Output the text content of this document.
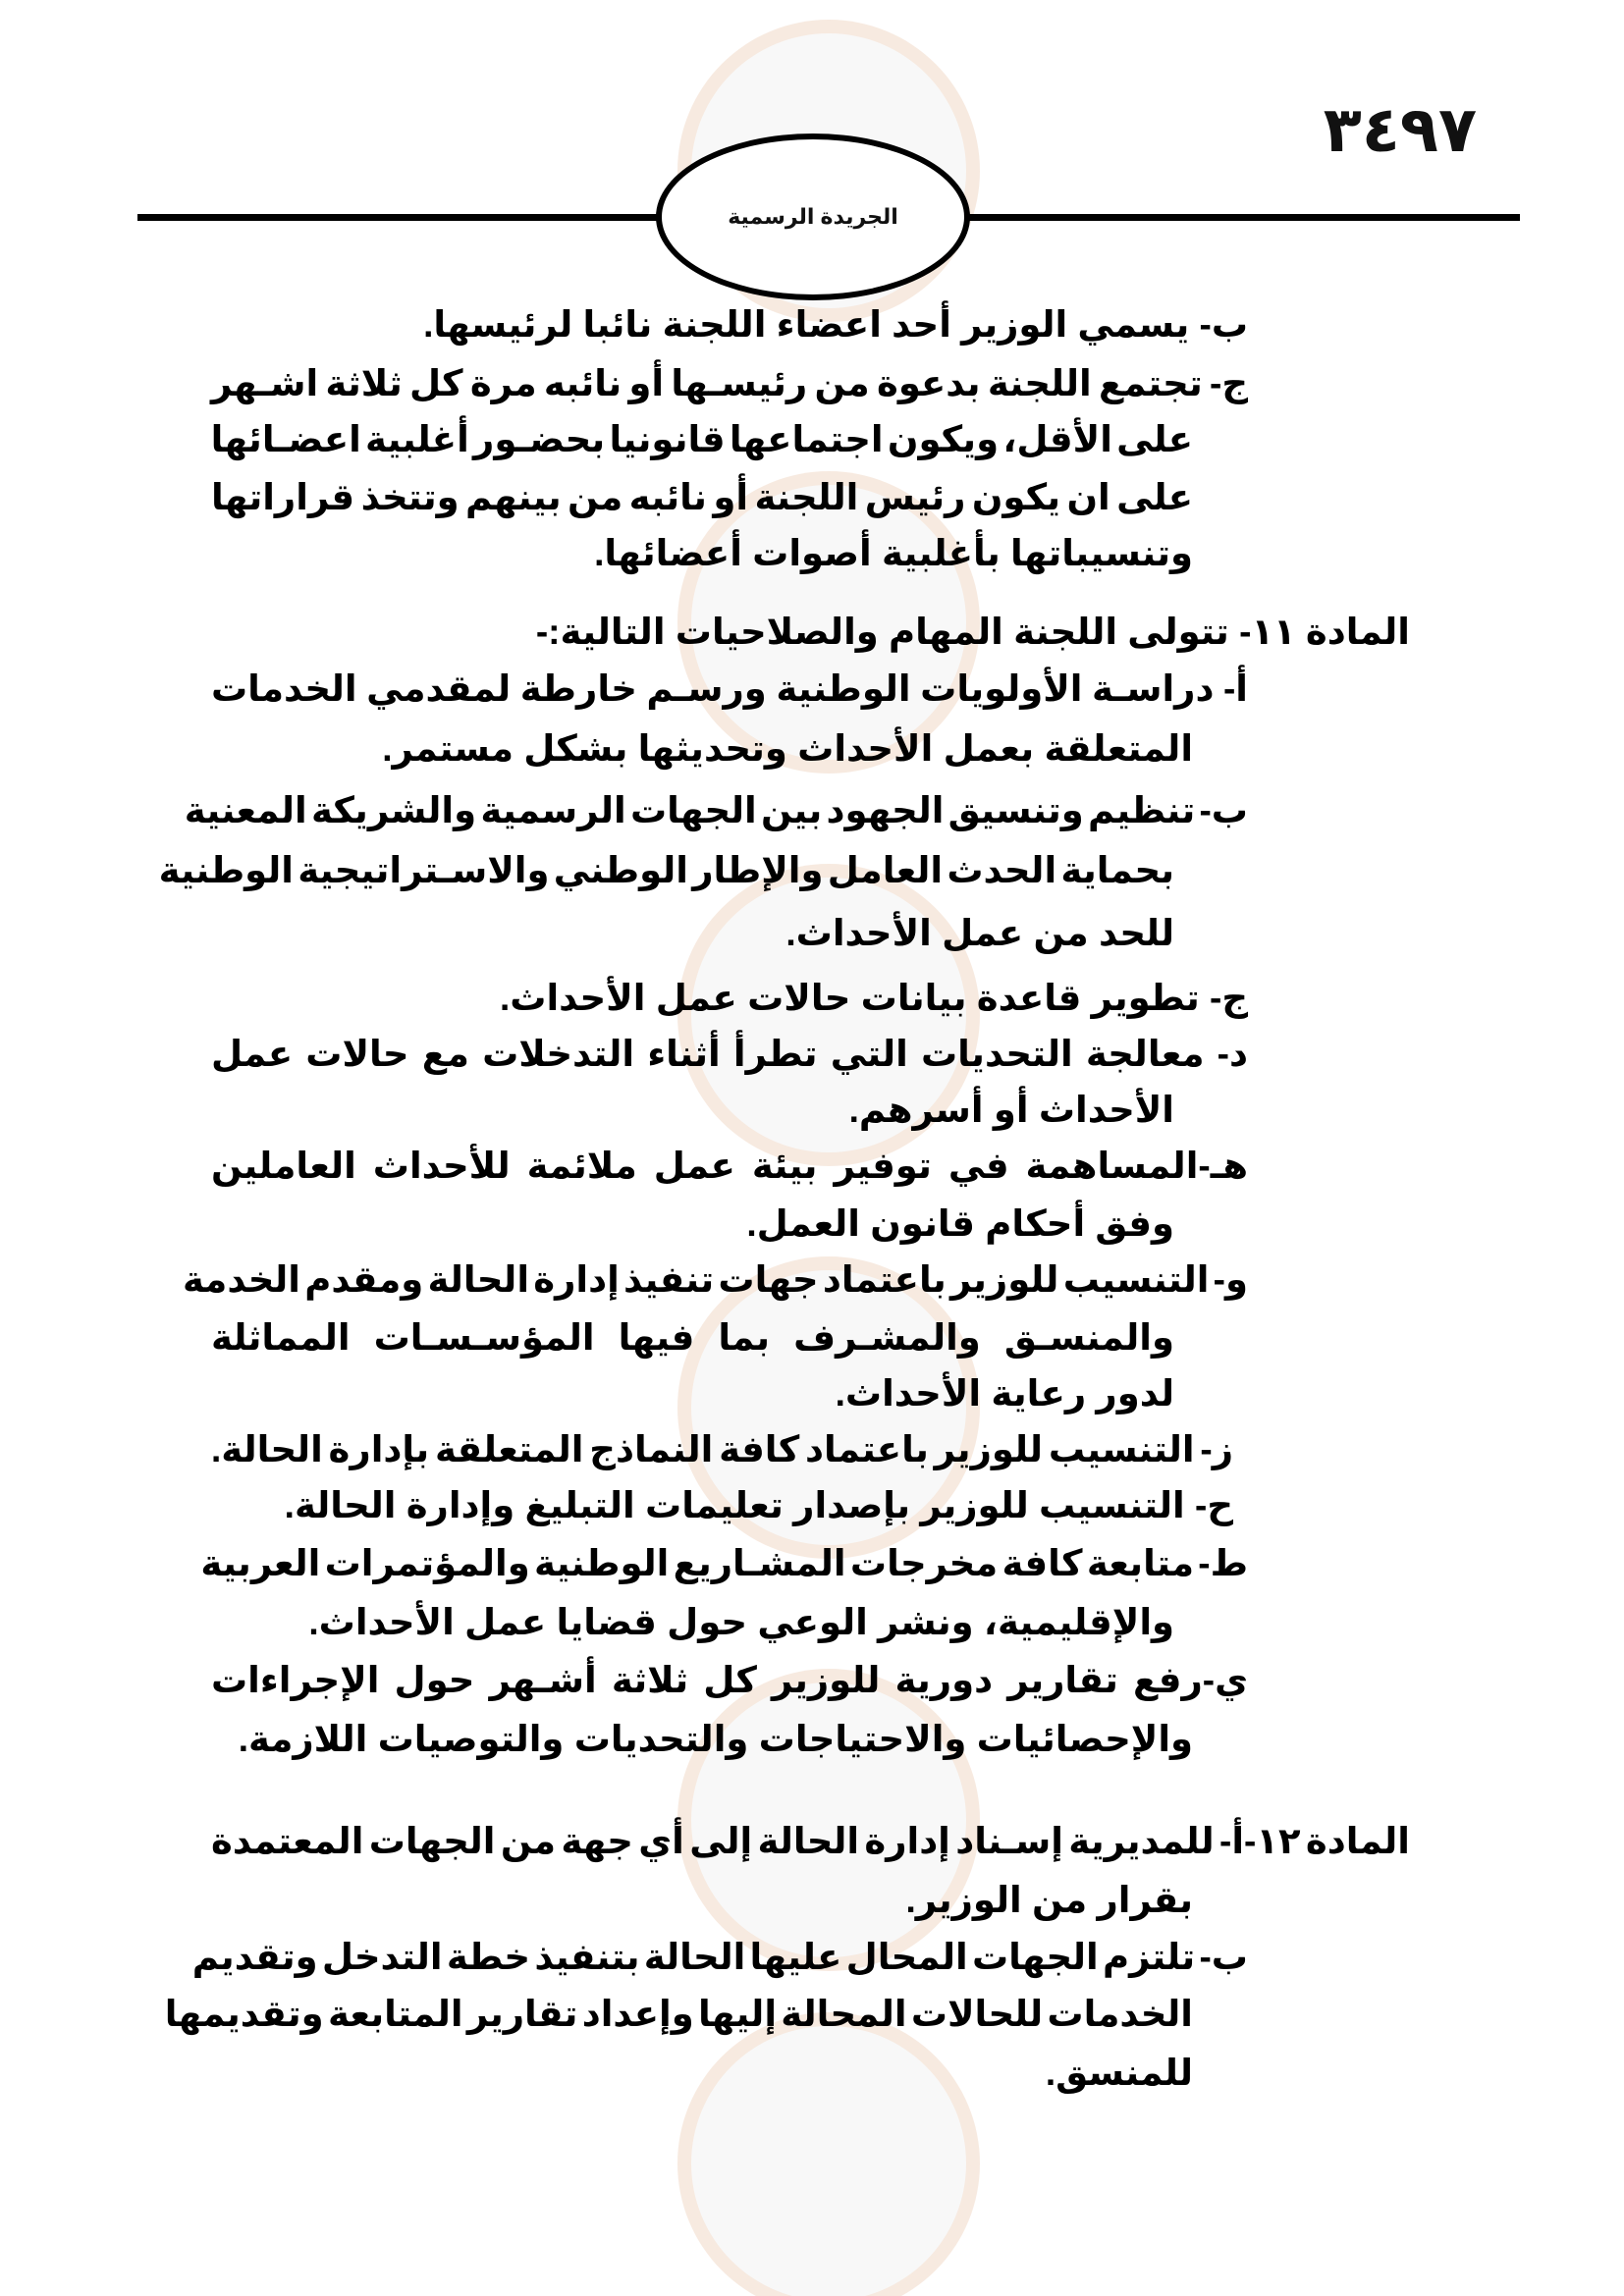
٣٤٩٧
الجريدة الرسمية
ب- يسمي الوزير أحد اعضاء اللجنة نائبا لرئيسها.
ج- تجتمع اللجنة بدعوة من رئيسـها أو نائبه مرة كل ثلاثة اشـهر
على الأقل، ويكون اجتماعها قانونيا بحضـور أغلبية اعضـائها
على ان يكون رئيس اللجنة أو نائبه من بينهم وتتخذ قراراتها
وتنسيباتها بأغلبية أصوات أعضائها.
المادة ١١- تتولى اللجنة المهام والصلاحيات التالية:-
أ- دراسـة الأولويات الوطنية ورسـم خارطة لمقدمي الخدمات
المتعلقة بعمل الأحداث وتحديثها بشكل مستمر.
ب- تنظيم وتنسيق الجهود بين الجهات الرسمية والشريكة المعنية
بحماية الحدث العامل والإطار الوطني والاسـتراتيجية الوطنية
للحد من عمل الأحداث.
ج- تطوير قاعدة بيانات حالات عمل الأحداث.
د- معالجة التحديات التي تطرأ أثناء التدخلات مع حالات عمل
الأحداث أو أسرهم.
هـ-المساهمة في توفير بيئة عمل ملائمة للأحداث العاملين
وفق أحكام قانون العمل.
و- التنسيب للوزير باعتماد جهات تنفيذ إدارة الحالة ومقدم الخدمة
والمنسـق والمشـرف بما فيها المؤسـسـات المماثلة
لدور رعاية الأحداث.
ز- التنسيب للوزير باعتماد كافة النماذج المتعلقة بإدارة الحالة.
ح- التنسيب للوزير بإصدار تعليمات التبليغ وإدارة الحالة.
ط- متابعة كافة مخرجات المشـاريع الوطنية والمؤتمرات العربية
والإقليمية، ونشر الوعي حول قضايا عمل الأحداث.
ي-رفع تقارير دورية للوزير كل ثلاثة أشـهر حول الإجراءات
والإحصائيات والاحتياجات والتحديات والتوصيات اللازمة.
المادة ١٢-أ- للمديرية إسـناد إدارة الحالة إلى أي جهة من الجهات المعتمدة
بقرار من الوزير.
ب- تلتزم الجهات المحال عليها الحالة بتنفيذ خطة التدخل وتقديم
الخدمات للحالات المحالة إليها وإعداد تقارير المتابعة وتقديمها
للمنسق.
